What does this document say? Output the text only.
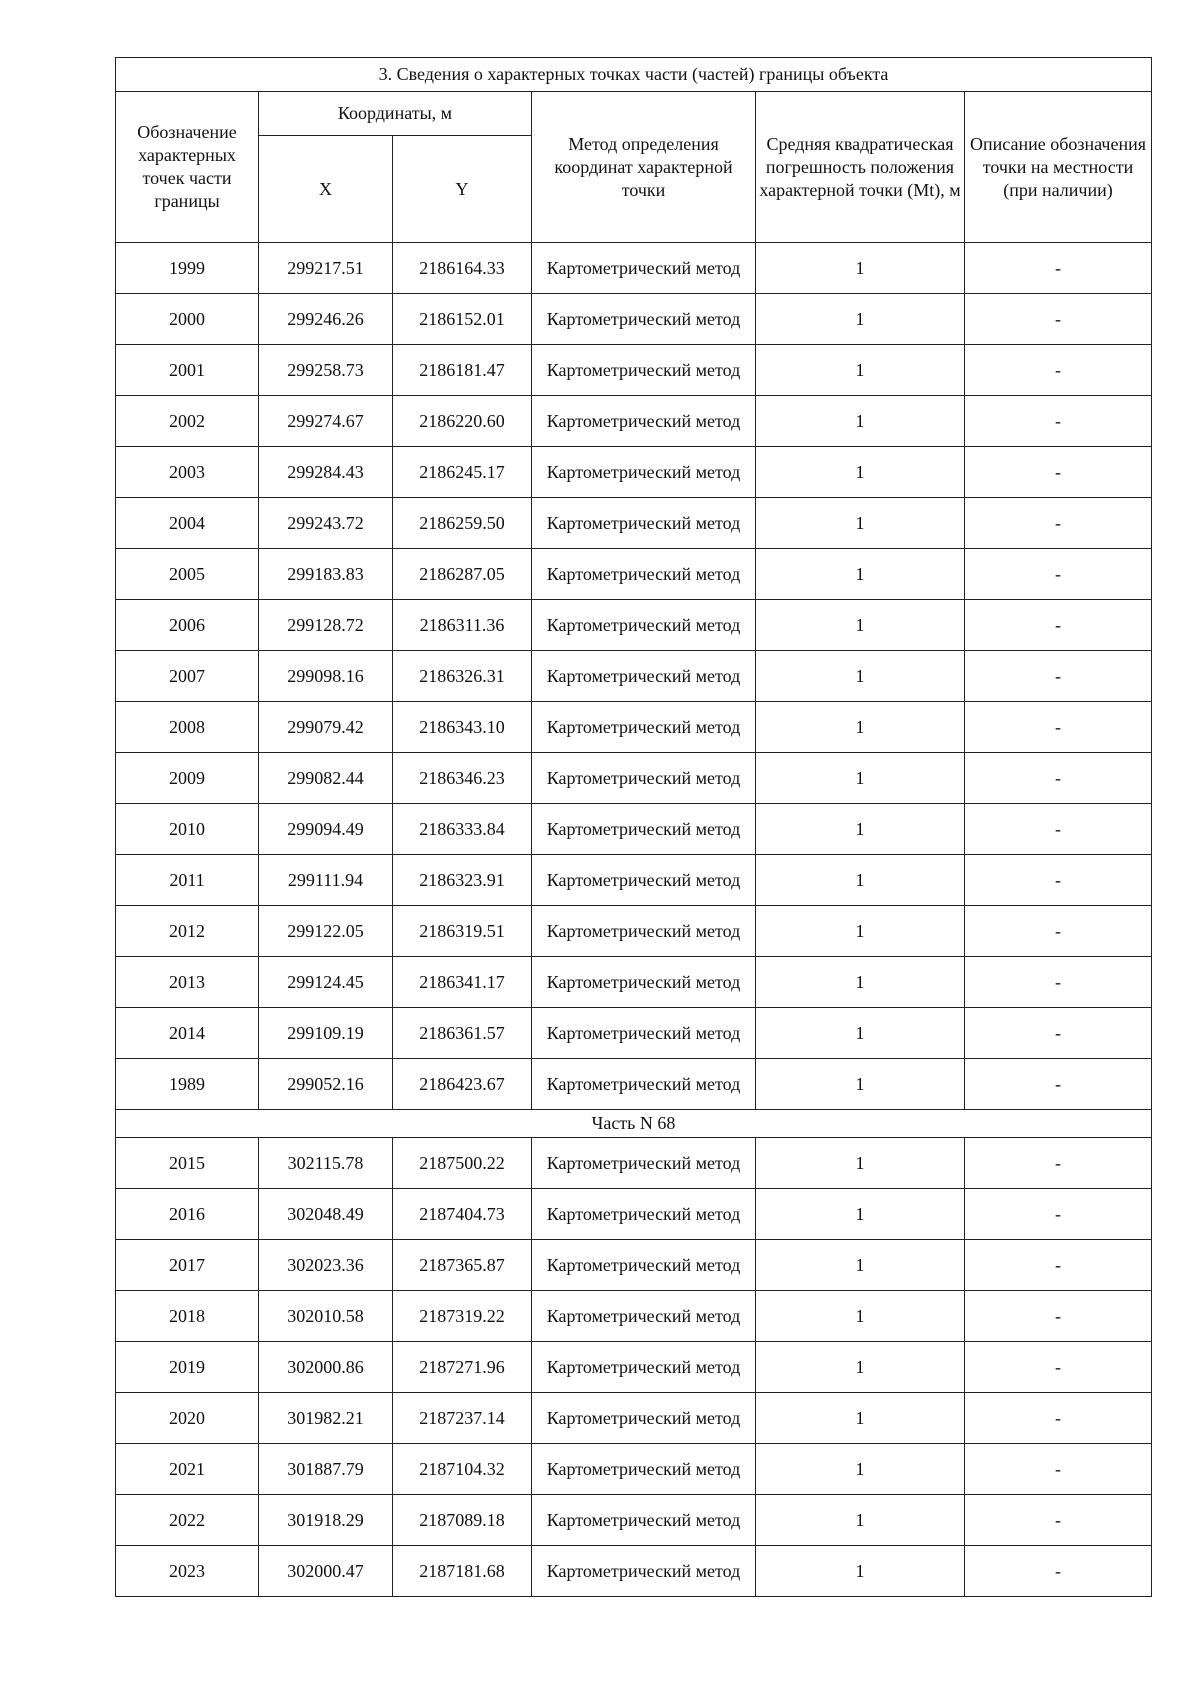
3. Сведения о характерных точках части (частей) границы объекта					
Обозначение характерных точек части границы	Координаты, м		Метод определения координат характерной точки	Средняя квадратическая погрешность положения характерной точки (Mt), м	Описание обозначения точки на местности (при наличии)
	X	Y			
1999	299217.51	2186164.33	Картометрический метод	1	-
2000	299246.26	2186152.01	Картометрический метод	1	-
2001	299258.73	2186181.47	Картометрический метод	1	-
2002	299274.67	2186220.60	Картометрический метод	1	-
2003	299284.43	2186245.17	Картометрический метод	1	-
2004	299243.72	2186259.50	Картометрический метод	1	-
2005	299183.83	2186287.05	Картометрический метод	1	-
2006	299128.72	2186311.36	Картометрический метод	1	-
2007	299098.16	2186326.31	Картометрический метод	1	-
2008	299079.42	2186343.10	Картометрический метод	1	-
2009	299082.44	2186346.23	Картометрический метод	1	-
2010	299094.49	2186333.84	Картометрический метод	1	-
2011	299111.94	2186323.91	Картометрический метод	1	-
2012	299122.05	2186319.51	Картометрический метод	1	-
2013	299124.45	2186341.17	Картометрический метод	1	-
2014	299109.19	2186361.57	Картометрический метод	1	-
1989	299052.16	2186423.67	Картометрический метод	1	-
Часть N 68					
2015	302115.78	2187500.22	Картометрический метод	1	-
2016	302048.49	2187404.73	Картометрический метод	1	-
2017	302023.36	2187365.87	Картометрический метод	1	-
2018	302010.58	2187319.22	Картометрический метод	1	-
2019	302000.86	2187271.96	Картометрический метод	1	-
2020	301982.21	2187237.14	Картометрический метод	1	-
2021	301887.79	2187104.32	Картометрический метод	1	-
2022	301918.29	2187089.18	Картометрический метод	1	-
2023	302000.47	2187181.68	Картометрический метод	1	-
